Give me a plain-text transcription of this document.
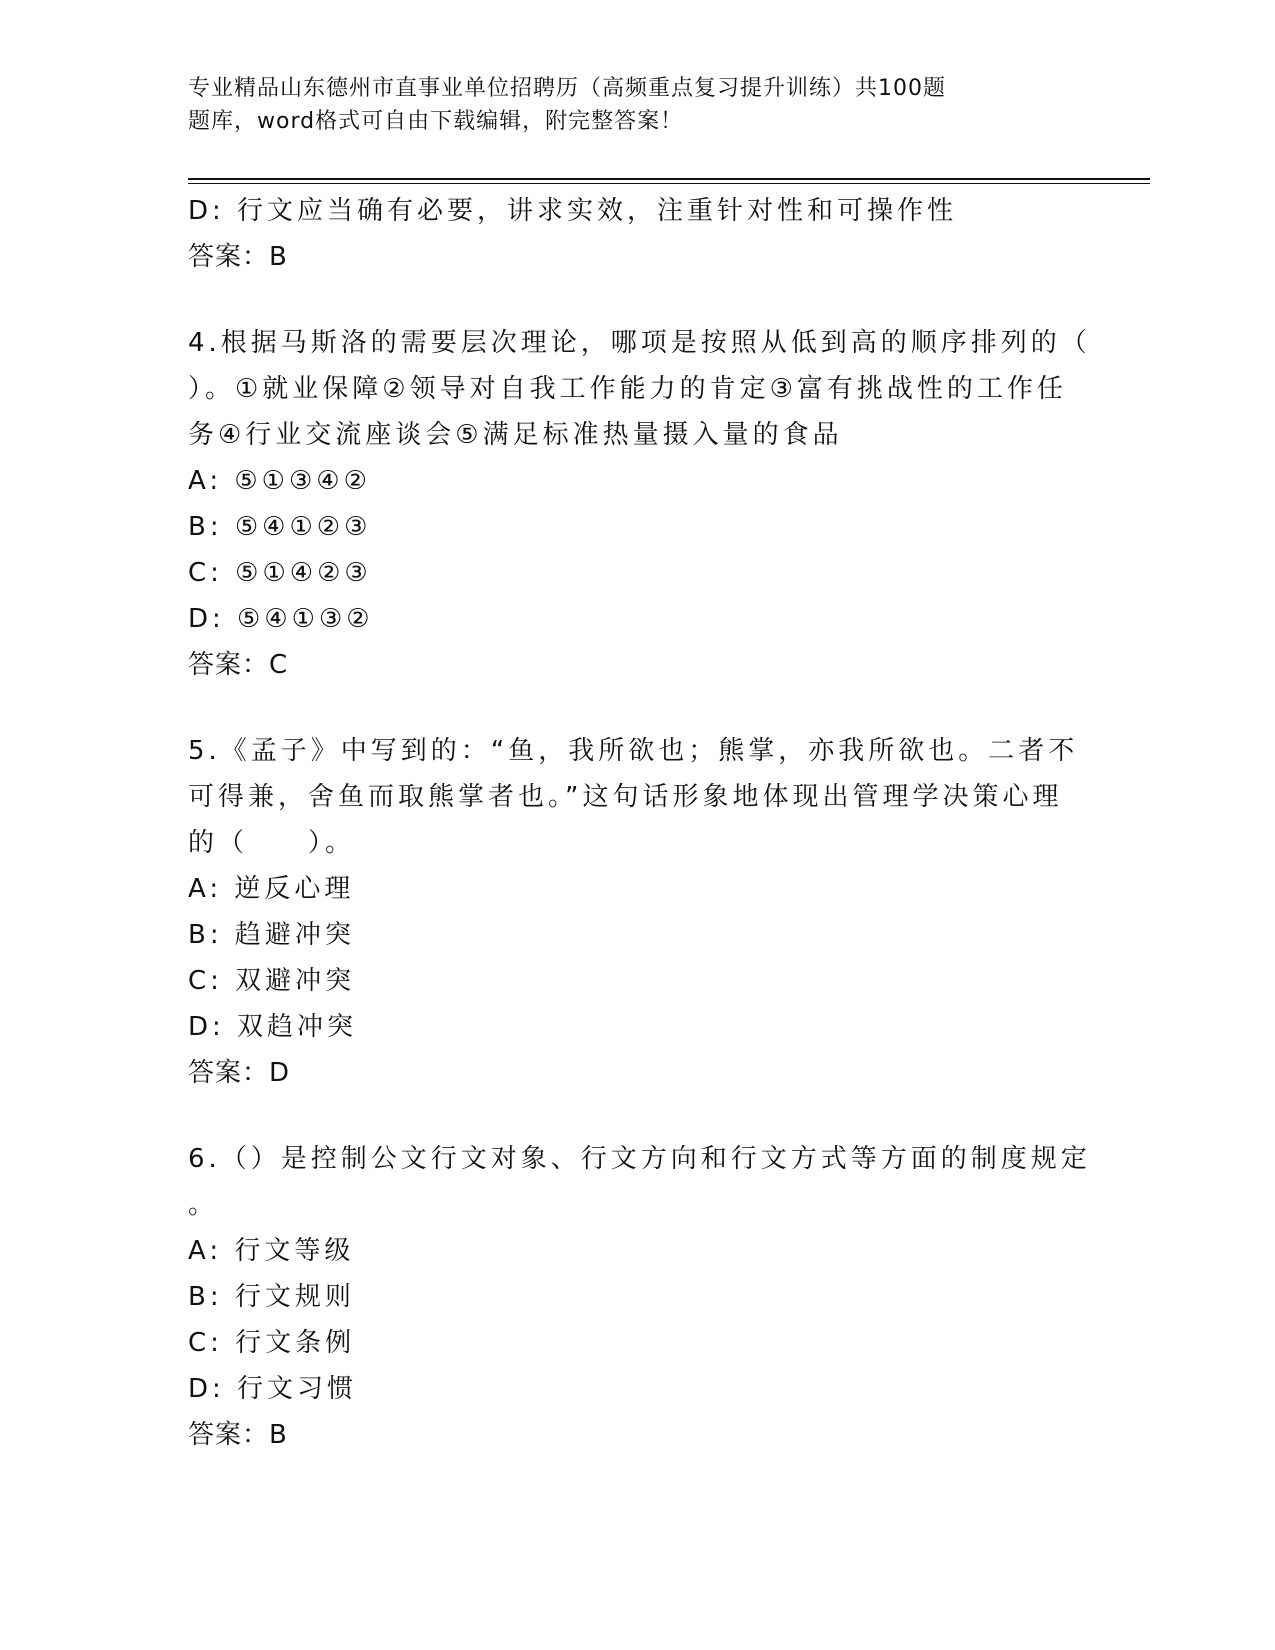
专业精品山东德州市直事业单位招聘历（高频重点复习提升训练）共100题
题库，word格式可自由下载编辑，附完整答案！
D: 行文应当确有必要，讲求实效，注重针对性和可操作性
答案：B
4.根据马斯洛的需要层次理论，哪项是按照从低到高的顺序排列的（
）。①就业保障②领导对自我工作能力的肯定③富有挑战性的工作任
务④行业交流座谈会⑤满足标准热量摄入量的食品
A: ⑤①③④②
B: ⑤④①②③
C: ⑤①④②③
D: ⑤④①③②
答案：C
5.《孟子》中写到的：“鱼，我所欲也；熊掌，亦我所欲也。二者不
可得兼，舍鱼而取熊掌者也。”这句话形象地体现出管理学决策心理
的（　　）。
A: 逆反心理
B: 趋避冲突
C: 双避冲突
D: 双趋冲突
答案：D
6.（）是控制公文行文对象、行文方向和行文方式等方面的制度规定
。
A: 行文等级
B: 行文规则
C: 行文条例
D: 行文习惯
答案：B
